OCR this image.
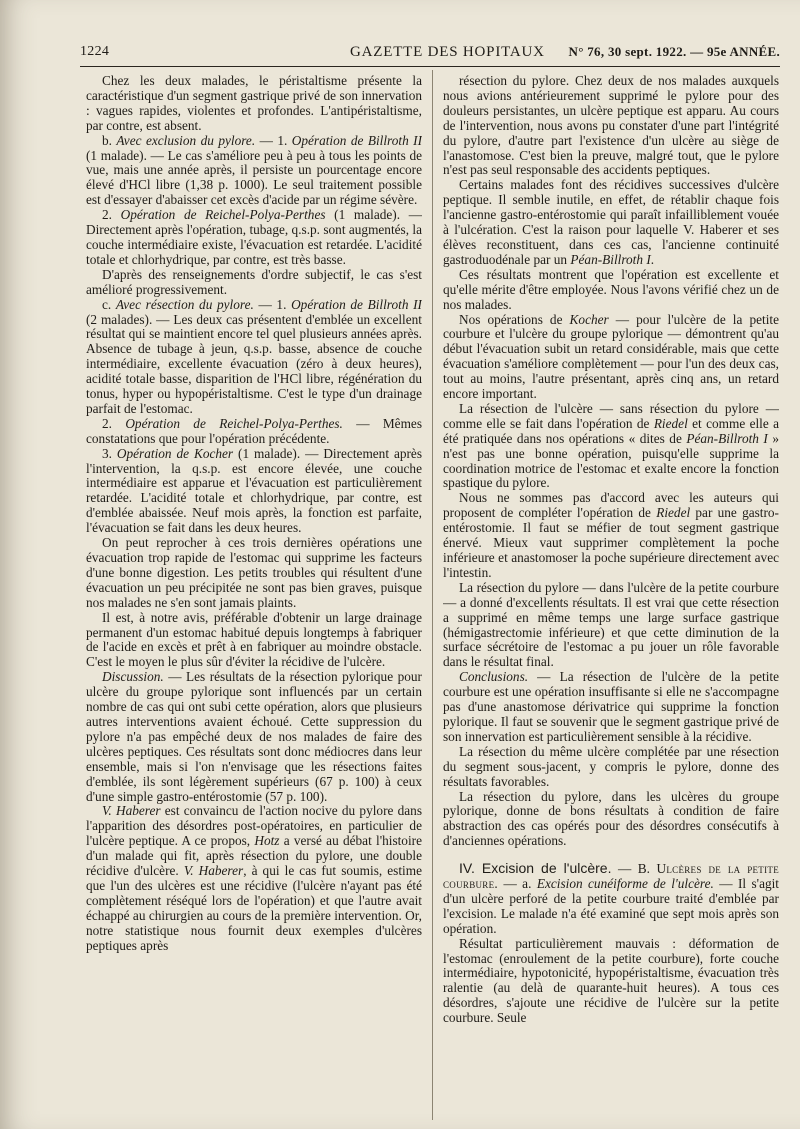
1224	GAZETTE DES HOPITAUX N° 76, 30 sept. 1922. — 95e ANNÉE.

Chez les deux malades, le péristaltisme présente la caractéristique d'un segment gastrique privé de son innervation : vagues rapides, violentes et profondes. L'antipéristaltisme, par contre, est absent.

b. Avec exclusion du pylore. — 1. Opération de Billroth II (1 malade). — Le cas s'améliore peu à peu à tous les points de vue, mais une année après, il persiste un pourcentage encore élevé d'HCl libre (1,38 p. 1000). Le seul traitement possible est d'essayer d'abaisser cet excès d'acide par un régime sévère.

2. Opération de Reichel-Polya-Perthes (1 malade). — Directement après l'opération, tubage, q.s.p. sont augmentés, la couche intermédiaire existe, l'évacuation est retardée. L'acidité totale et chlorhydrique, par contre, est très basse.

D'après des renseignements d'ordre subjectif, le cas s'est amélioré progressivement.

c. Avec résection du pylore. — 1. Opération de Billroth II (2 malades). — Les deux cas présentent d'emblée un excellent résultat qui se maintient encore tel quel plusieurs années après. Absence de tubage à jeun, q.s.p. basse, absence de couche intermédiaire, excellente évacuation (zéro à deux heures), acidité totale basse, disparition de l'HCl libre, régénération du tonus, hyper ou hypopéristaltisme. C'est le type d'un drainage parfait de l'estomac.

2. Opération de Reichel-Polya-Perthes. — Mêmes constatations que pour l'opération précédente.

3. Opération de Kocher (1 malade). — Directement après l'intervention, la q.s.p. est encore élevée, une couche intermédiaire est apparue et l'évacuation est particulièrement retardée. L'acidité totale et chlorhydrique, par contre, est d'emblée abaissée. Neuf mois après, la fonction est parfaite, l'évacuation se fait dans les deux heures.

On peut reprocher à ces trois dernières opérations une évacuation trop rapide de l'estomac qui supprime les facteurs d'une bonne digestion. Les petits troubles qui résultent d'une évacuation un peu précipitée ne sont pas bien graves, puisque nos malades ne s'en sont jamais plaints.

Il est, à notre avis, préférable d'obtenir un large drainage permanent d'un estomac habitué depuis longtemps à fabriquer de l'acide en excès et prêt à en fabriquer au moindre obstacle. C'est le moyen le plus sûr d'éviter la récidive de l'ulcère.

Discussion. — Les résultats de la résection pylorique pour ulcère du groupe pylorique sont influencés par un certain nombre de cas qui ont subi cette opération, alors que plusieurs autres interventions avaient échoué. Cette suppression du pylore n'a pas empêché deux de nos malades de faire des ulcères peptiques. Ces résultats sont donc médiocres dans leur ensemble, mais si l'on n'envisage que les résections faites d'emblée, ils sont légèrement supérieurs (67 p. 100) à ceux d'une simple gastro-entérostomie (57 p. 100).

V. Haberer est convaincu de l'action nocive du pylore dans l'apparition des désordres post-opératoires, en particulier de l'ulcère peptique. A ce propos, Hotz a versé au débat l'histoire d'un malade qui fit, après résection du pylore, une double récidive d'ulcère. V. Haberer, à qui le cas fut soumis, estime que l'un des ulcères est une récidive (l'ulcère n'ayant pas été complètement réséqué lors de l'opération) et que l'autre avait échappé au chirurgien au cours de la première intervention. Or, notre statistique nous fournit deux exemples d'ulcères peptiques après

résection du pylore. Chez deux de nos malades auxquels nous avions antérieurement supprimé le pylore pour des douleurs persistantes, un ulcère peptique est apparu. Au cours de l'intervention, nous avons pu constater d'une part l'intégrité du pylore, d'autre part l'existence d'un ulcère au siège de l'anastomose. C'est bien la preuve, malgré tout, que le pylore n'est pas seul responsable des accidents peptiques.

Certains malades font des récidives successives d'ulcère peptique. Il semble inutile, en effet, de rétablir chaque fois l'ancienne gastro-entérostomie qui paraît infailliblement vouée à l'ulcération. C'est la raison pour laquelle V. Haberer et ses élèves reconstituent, dans ces cas, l'ancienne continuité gastroduodénale par un Péan-Billroth I.

Ces résultats montrent que l'opération est excellente et qu'elle mérite d'être employée. Nous l'avons vérifié chez un de nos malades.

Nos opérations de Kocher — pour l'ulcère de la petite courbure et l'ulcère du groupe pylorique — démontrent qu'au début l'évacuation subit un retard considérable, mais que cette évacuation s'améliore complètement — pour l'un des deux cas, tout au moins, l'autre présentant, après cinq ans, un retard encore important.

La résection de l'ulcère — sans résection du pylore — comme elle se fait dans l'opération de Riedel et comme elle a été pratiquée dans nos opérations « dites de Péan-Billroth I » n'est pas une bonne opération, puisqu'elle supprime la coordination motrice de l'estomac et exalte encore la fonction spastique du pylore.

Nous ne sommes pas d'accord avec les auteurs qui proposent de compléter l'opération de Riedel par une gastro-entérostomie. Il faut se méfier de tout segment gastrique énervé. Mieux vaut supprimer complètement la poche inférieure et anastomoser la poche supérieure directement avec l'intestin.

La résection du pylore — dans l'ulcère de la petite courbure — a donné d'excellents résultats. Il est vrai que cette résection a supprimé en même temps une large surface gastrique (hémigastrectomie inférieure) et que cette diminution de la surface sécrétoire de l'estomac a pu jouer un rôle favorable dans le résultat final.

Conclusions. — La résection de l'ulcère de la petite courbure est une opération insuffisante si elle ne s'accompagne pas d'une anastomose dérivatrice qui supprime la fonction pylorique. Il faut se souvenir que le segment gastrique privé de son innervation est particulièrement sensible à la récidive.

La résection du même ulcère complétée par une résection du segment sous-jacent, y compris le pylore, donne des résultats favorables.

La résection du pylore, dans les ulcères du groupe pylorique, donne de bons résultats à condition de faire abstraction des cas opérés pour des désordres consécutifs à d'anciennes opérations.

IV. Excision de l'ulcère. — B. Ulcères de la petite courbure. — a. Excision cunéiforme de l'ulcère. — Il s'agit d'un ulcère perforé de la petite courbure traité d'emblée par l'excision. Le malade n'a été examiné que sept mois après son opération.

Résultat particulièrement mauvais : déformation de l'estomac (enroulement de la petite courbure), forte couche intermédiaire, hypotonicité, hypopéristaltisme, évacuation très ralentie (au delà de quarante-huit heures). A tous ces désordres, s'ajoute une récidive de l'ulcère sur la petite courbure. Seule
